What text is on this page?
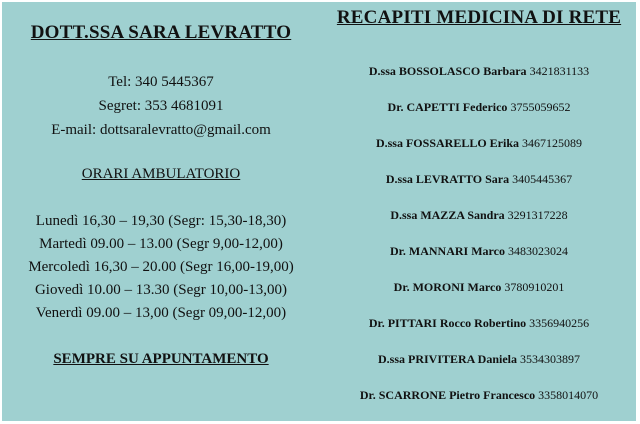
DOTT.SSA SARA LEVRATTO
Tel: 340 5445367
Segret: 353 4681091
E-mail: dottsaralevratto@gmail.com
ORARI AMBULATORIO
Lunedì 16,30 – 19,30 (Segr: 15,30-18,30)
Martedì 09.00 – 13.00 (Segr 9,00-12,00)
Mercoledì 16,30 – 20.00 (Segr 16,00-19,00)
Giovedì 10.00 – 13.30 (Segr 10,00-13,00)
Venerdì 09.00 – 13,00 (Segr 09,00-12,00)
SEMPRE SU APPUNTAMENTO
RECAPITI MEDICINA DI RETE
D.ssa BOSSOLASCO Barbara 3421831133
Dr. CAPETTI Federico 3755059652
D.ssa FOSSARELLO Erika 3467125089
D.ssa LEVRATTO Sara 3405445367
D.ssa MAZZA Sandra 3291317228
Dr. MANNARI Marco 3483023024
Dr. MORONI Marco 3780910201
Dr. PITTARI Rocco Robertino 3356940256
D.ssa PRIVITERA Daniela 3534303897
Dr. SCARRONE Pietro Francesco 3358014070
